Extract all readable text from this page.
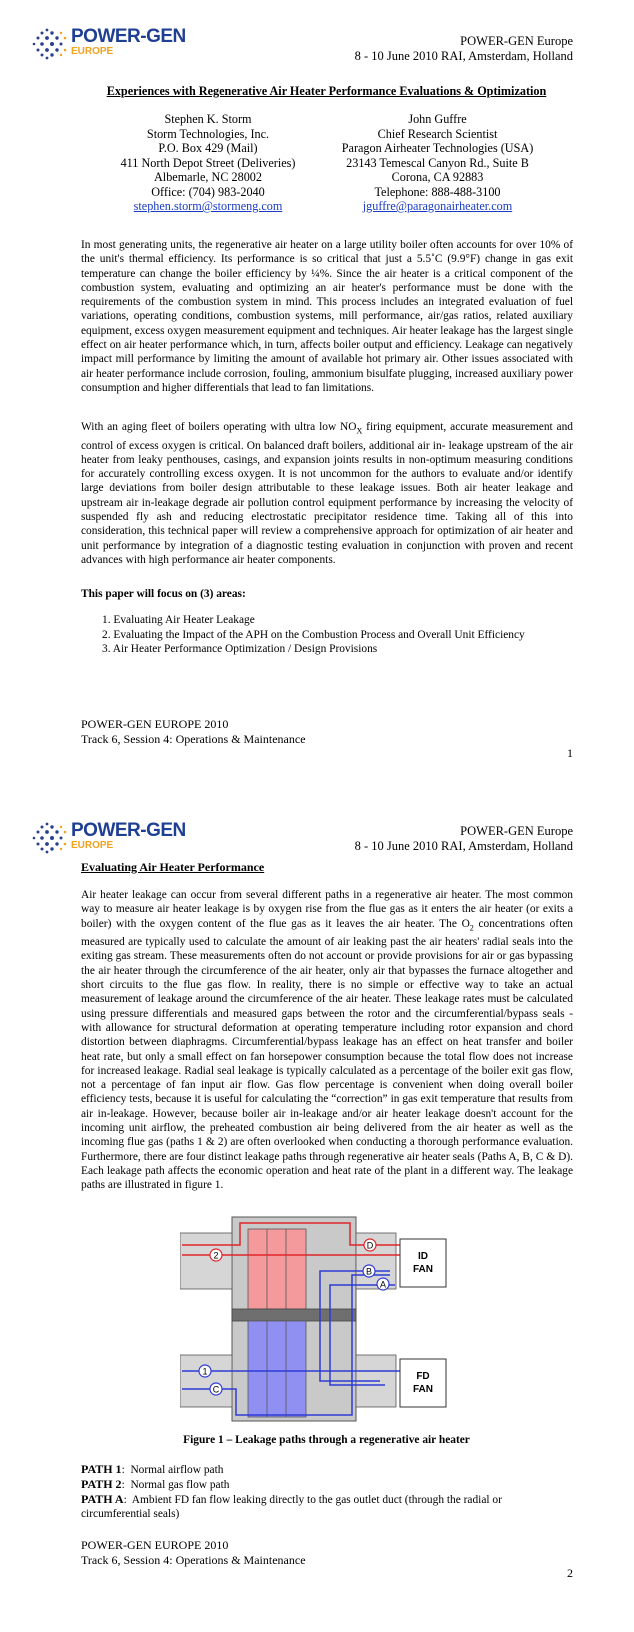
POWER-GEN
EUROPE
POWER-GEN Europe
8 - 10 June 2010 RAI, Amsterdam, Holland
Experiences with Regenerative Air Heater Performance Evaluations & Optimization
Stephen K. Storm
Storm Technologies, Inc.
P.O. Box 429 (Mail)
411 North Depot Street (Deliveries)
Albemarle, NC 28002
Office: (704) 983-2040
stephen.storm@stormeng.com
John Guffre
Chief Research Scientist
Paragon Airheater Technologies (USA)
23143 Temescal Canyon Rd., Suite B
Corona, CA 92883
Telephone: 888-488-3100
jguffre@paragonairheater.com

In most generating units, the regenerative air heater on a large utility boiler often accounts for over 10% of the unit's thermal efficiency. Its performance is so critical that just a 5.5˚C (9.9°F) change in gas exit temperature can change the boiler efficiency by ¼%. Since the air heater is a critical component of the combustion system, evaluating and optimizing an air heater's performance must be done with the requirements of the combustion system in mind. This process includes an integrated evaluation of fuel variations, operating conditions, combustion systems, mill performance, air/gas ratios, related auxiliary equipment, excess oxygen measurement equipment and techniques. Air heater leakage has the largest single effect on air heater performance which, in turn, affects boiler output and efficiency. Leakage can negatively impact mill performance by limiting the amount of available hot primary air. Other issues associated with air heater performance include corrosion, fouling, ammonium bisulfate plugging, increased auxiliary power consumption and higher differentials that lead to fan limitations.

With an aging fleet of boilers operating with ultra low $NO_X$ firing equipment, accurate measurement and control of excess oxygen is critical. On balanced draft boilers, additional air in- leakage upstream of the air heater from leaky penthouses, casings, and expansion joints results in non-optimum measuring conditions for accurately controlling excess oxygen. It is not uncommon for the authors to evaluate and/or identify large deviations from boiler design attributable to these leakage issues. Both air heater leakage and upstream air in-leakage degrade air pollution control equipment performance by increasing the velocity of suspended fly ash and reducing electrostatic precipitator residence time. Taking all of this into consideration, this technical paper will review a comprehensive approach for optimization of air heater and unit performance by integration of a diagnostic testing evaluation in conjunction with proven and recent advances with high performance air heater components.

This paper will focus on (3) areas:
1. Evaluating Air Heater Leakage
2. Evaluating the Impact of the APH on the Combustion Process and Overall Unit Efficiency
3. Air Heater Performance Optimization / Design Provisions
POWER-GEN EUROPE 2010
Track 6, Session 4: Operations & Maintenance
1
POWER-GEN
EUROPE
POWER-GEN Europe
8 - 10 June 2010 RAI, Amsterdam, Holland
Evaluating Air Heater Performance

Air heater leakage can occur from several different paths in a regenerative air heater. The most common way to measure air heater leakage is by oxygen rise from the flue gas as it enters the air heater (or exits a boiler) with the oxygen content of the flue gas as it leaves the air heater. The $O_2$ concentrations often measured are typically used to calculate the amount of air leaking past the air heaters' radial seals into the exiting gas stream. These measurements often do not account or provide provisions for air or gas bypassing the air heater through the circumference of the air heater, only air that bypasses the furnace altogether and short circuits to the flue gas flow. In reality, there is no simple or effective way to take an actual measurement of leakage around the circumference of the air heater. These leakage rates must be calculated using pressure differentials and measured gaps between the rotor and the circumferential/bypass seals - with allowance for structural deformation at operating temperature including rotor expansion and chord distortion between diaphragms. Circumferential/bypass leakage has an effect on heat transfer and boiler heat rate, but only a small effect on fan horsepower consumption because the total flow does not increase for increased leakage. Radial seal leakage is typically calculated as a percentage of the boiler exit gas flow, not a percentage of fan input air flow. Gas flow percentage is convenient when doing overall boiler efficiency tests, because it is useful for calculating the “correction” in gas exit temperature that results from air in-leakage. However, because boiler air in-leakage and/or air heater leakage doesn't account for the incoming unit airflow, the preheated combustion air being delivered from the air heater as well as the incoming flue gas (paths 1 & 2) are often overlooked when conducting a thorough performance evaluation. Furthermore, there are four distinct leakage paths through regenerative air heater seals (Paths A, B, C & D). Each leakage path affects the economic operation and heat rate of the plant in a different way. The leakage paths are illustrated in figure 1.

D
2
B
A
1
C
ID
FAN
FD
FAN
Figure 1 – Leakage paths through a regenerative air heater
PATH 1:  Normal airflow path
PATH 2:  Normal gas flow path
PATH A:  Ambient FD fan flow leaking directly to the gas outlet duct (through the radial or circumferential seals)
POWER-GEN EUROPE 2010
Track 6, Session 4: Operations & Maintenance
2
